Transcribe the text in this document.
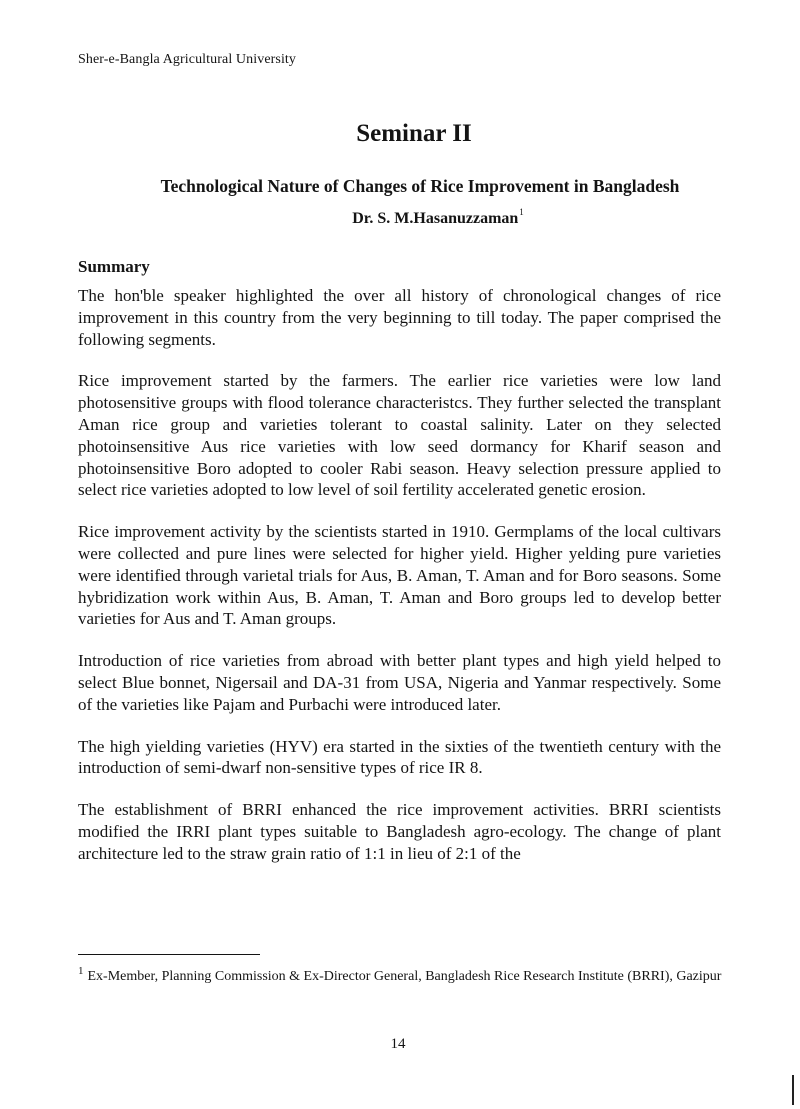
Sher-e-Bangla Agricultural University
Seminar II
Technological Nature of Changes of Rice Improvement in Bangladesh
Dr. S. M.Hasanuzzaman$^1$
Summary

The hon'ble speaker highlighted the over all history of chronological changes of rice improvement in this country from the very beginning to till today. The paper comprised the following segments.

Rice improvement started by the farmers. The earlier rice varieties were low land photosensitive groups with flood tolerance characteristcs. They further selected the transplant Aman rice group and varieties tolerant to coastal salinity. Later on they selected photoinsensitive Aus rice varieties with low seed dormancy for Kharif season and photoinsensitive Boro adopted to cooler Rabi season. Heavy selection pressure applied to select rice varieties adopted to low level of soil fertility accelerated genetic erosion.

Rice improvement activity by the scientists started in 1910. Germplams of the local cultivars were collected and pure lines were selected for higher yield. Higher yelding pure varieties were identified through varietal trials for Aus, B. Aman, T. Aman and for Boro seasons. Some hybridization work within Aus, B. Aman, T. Aman and Boro groups led to develop better varieties for Aus and T. Aman groups.

Introduction of rice varieties from abroad with better plant types and high yield helped to select Blue bonnet, Nigersail and DA-31 from USA, Nigeria and Yanmar respectively. Some of the varieties like Pajam and Purbachi were introduced later.

The high yielding varieties (HYV) era started in the sixties of the twentieth century with the introduction of semi-dwarf non-sensitive types of rice IR 8.

The establishment of BRRI enhanced the rice improvement activities. BRRI scientists modified the IRRI plant types suitable to Bangladesh agro-ecology. The change of plant architecture led to the straw grain ratio of 1:1 in lieu of 2:1 of the

$^1$ Ex-Member, Planning Commission & Ex-Director General, Bangladesh Rice Research Institute (BRRI), Gazipur
14
